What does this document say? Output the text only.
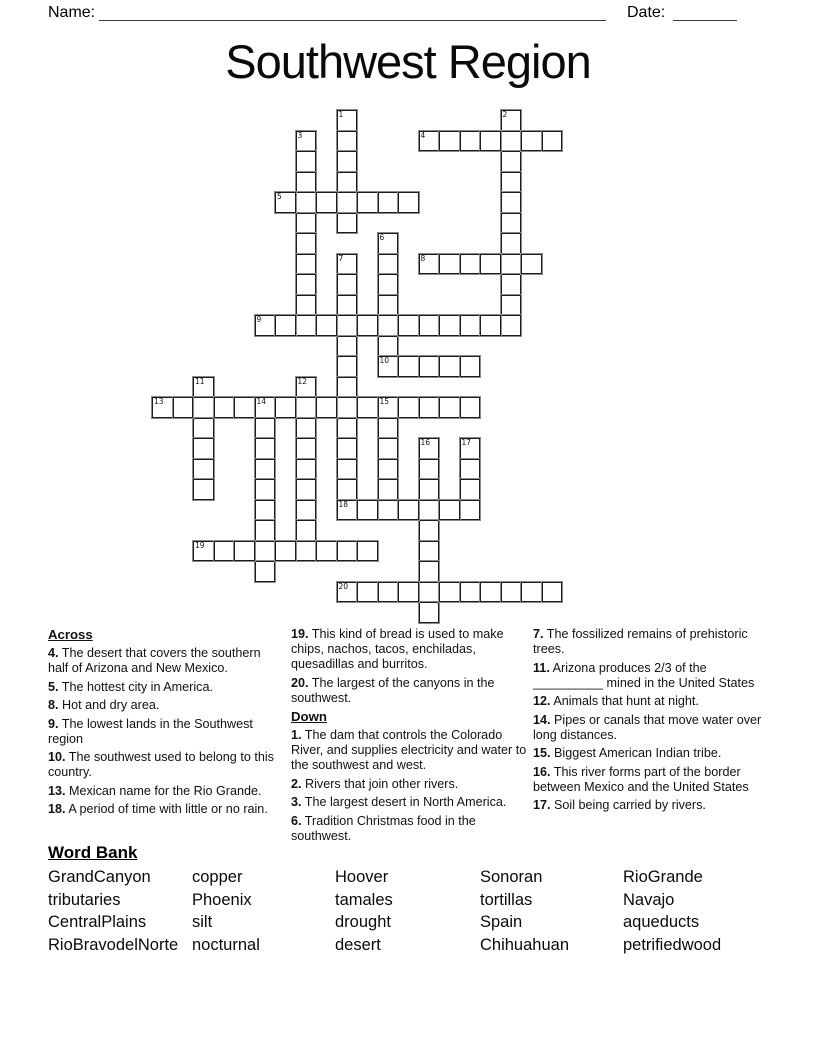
Name:	Date:
Southwest Region
1	2
3	4
5
6
10
7
18
8
9
11	12
13	14	15
16	17
19
20
Across

4. The desert that covers the southern half of Arizona and New Mexico.

5. The hottest city in America.

8. Hot and dry area.

9. The lowest lands in the Southwest region

10. The southwest used to belong to this country.

13. Mexican name for the Rio Grande.

18. A period of time with little or no rain.

19. This kind of bread is used to make chips, nachos, tacos, enchiladas, quesadillas and burritos.

20. The largest of the canyons in the southwest.

Down

1. The dam that controls the Colorado River, and supplies electricity and water to the southwest and west.

2. Rivers that join other rivers.

3. The largest desert in North America.

6. Tradition Christmas food in the southwest.

7. The fossilized remains of prehistoric trees.

11. Arizona produces 2/3 of the __________ mined in the United States

12. Animals that hunt at night.

14. Pipes or canals that move water over long distances.

15. Biggest American Indian tribe.

16. This river forms part of the border between Mexico and the United States

17. Soil being carried by rivers.

Word Bank
GrandCanyon
tributaries
CentralPlains
RioBravodelNorte
copper
Phoenix
silt
nocturnal
Hoover
tamales
drought
desert
Sonoran
tortillas
Spain
Chihuahuan
RioGrande
Navajo
aqueducts
petrifiedwood
